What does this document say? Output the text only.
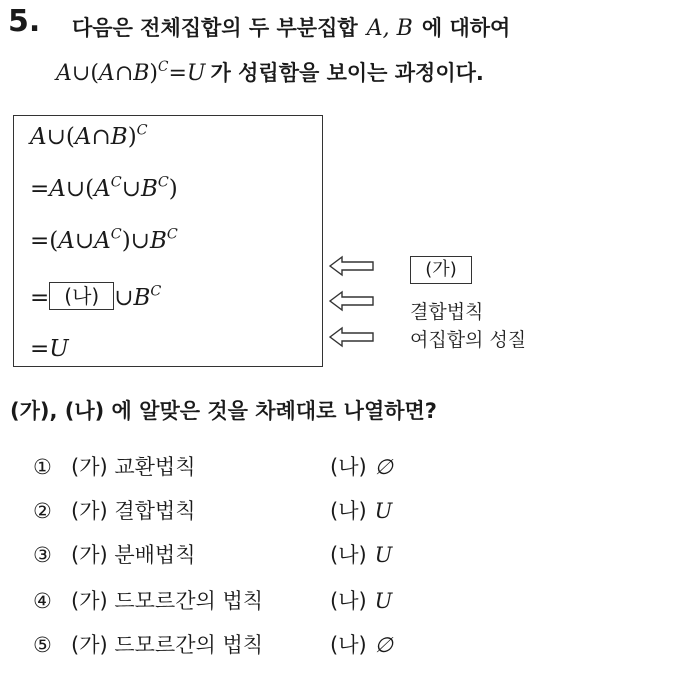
5. 다음은 전체집합의 두 부분집합 A, B 에 대하여
A∪(A∩B)$^C$=U 가 성립함을 보이는 과정이다.
A∪(A∩B)$^C$
$=A\cup(A^C\cup B^C)$
$=(A\cup A^C)\cup B^C$
= (나) $\cup B^C$
=U
(가)
결합법칙
여집합의 성질
(가), (나) 에 알맞은 것을 차례대로 나열하면?
① (가) 교환법칙	(나) ∅
② (가) 결합법칙	(나) U
③ (가) 분배법칙	(나) U
④ (가) 드모르간의 법칙	(나) U
⑤ (가) 드모르간의 법칙	(나) ∅
